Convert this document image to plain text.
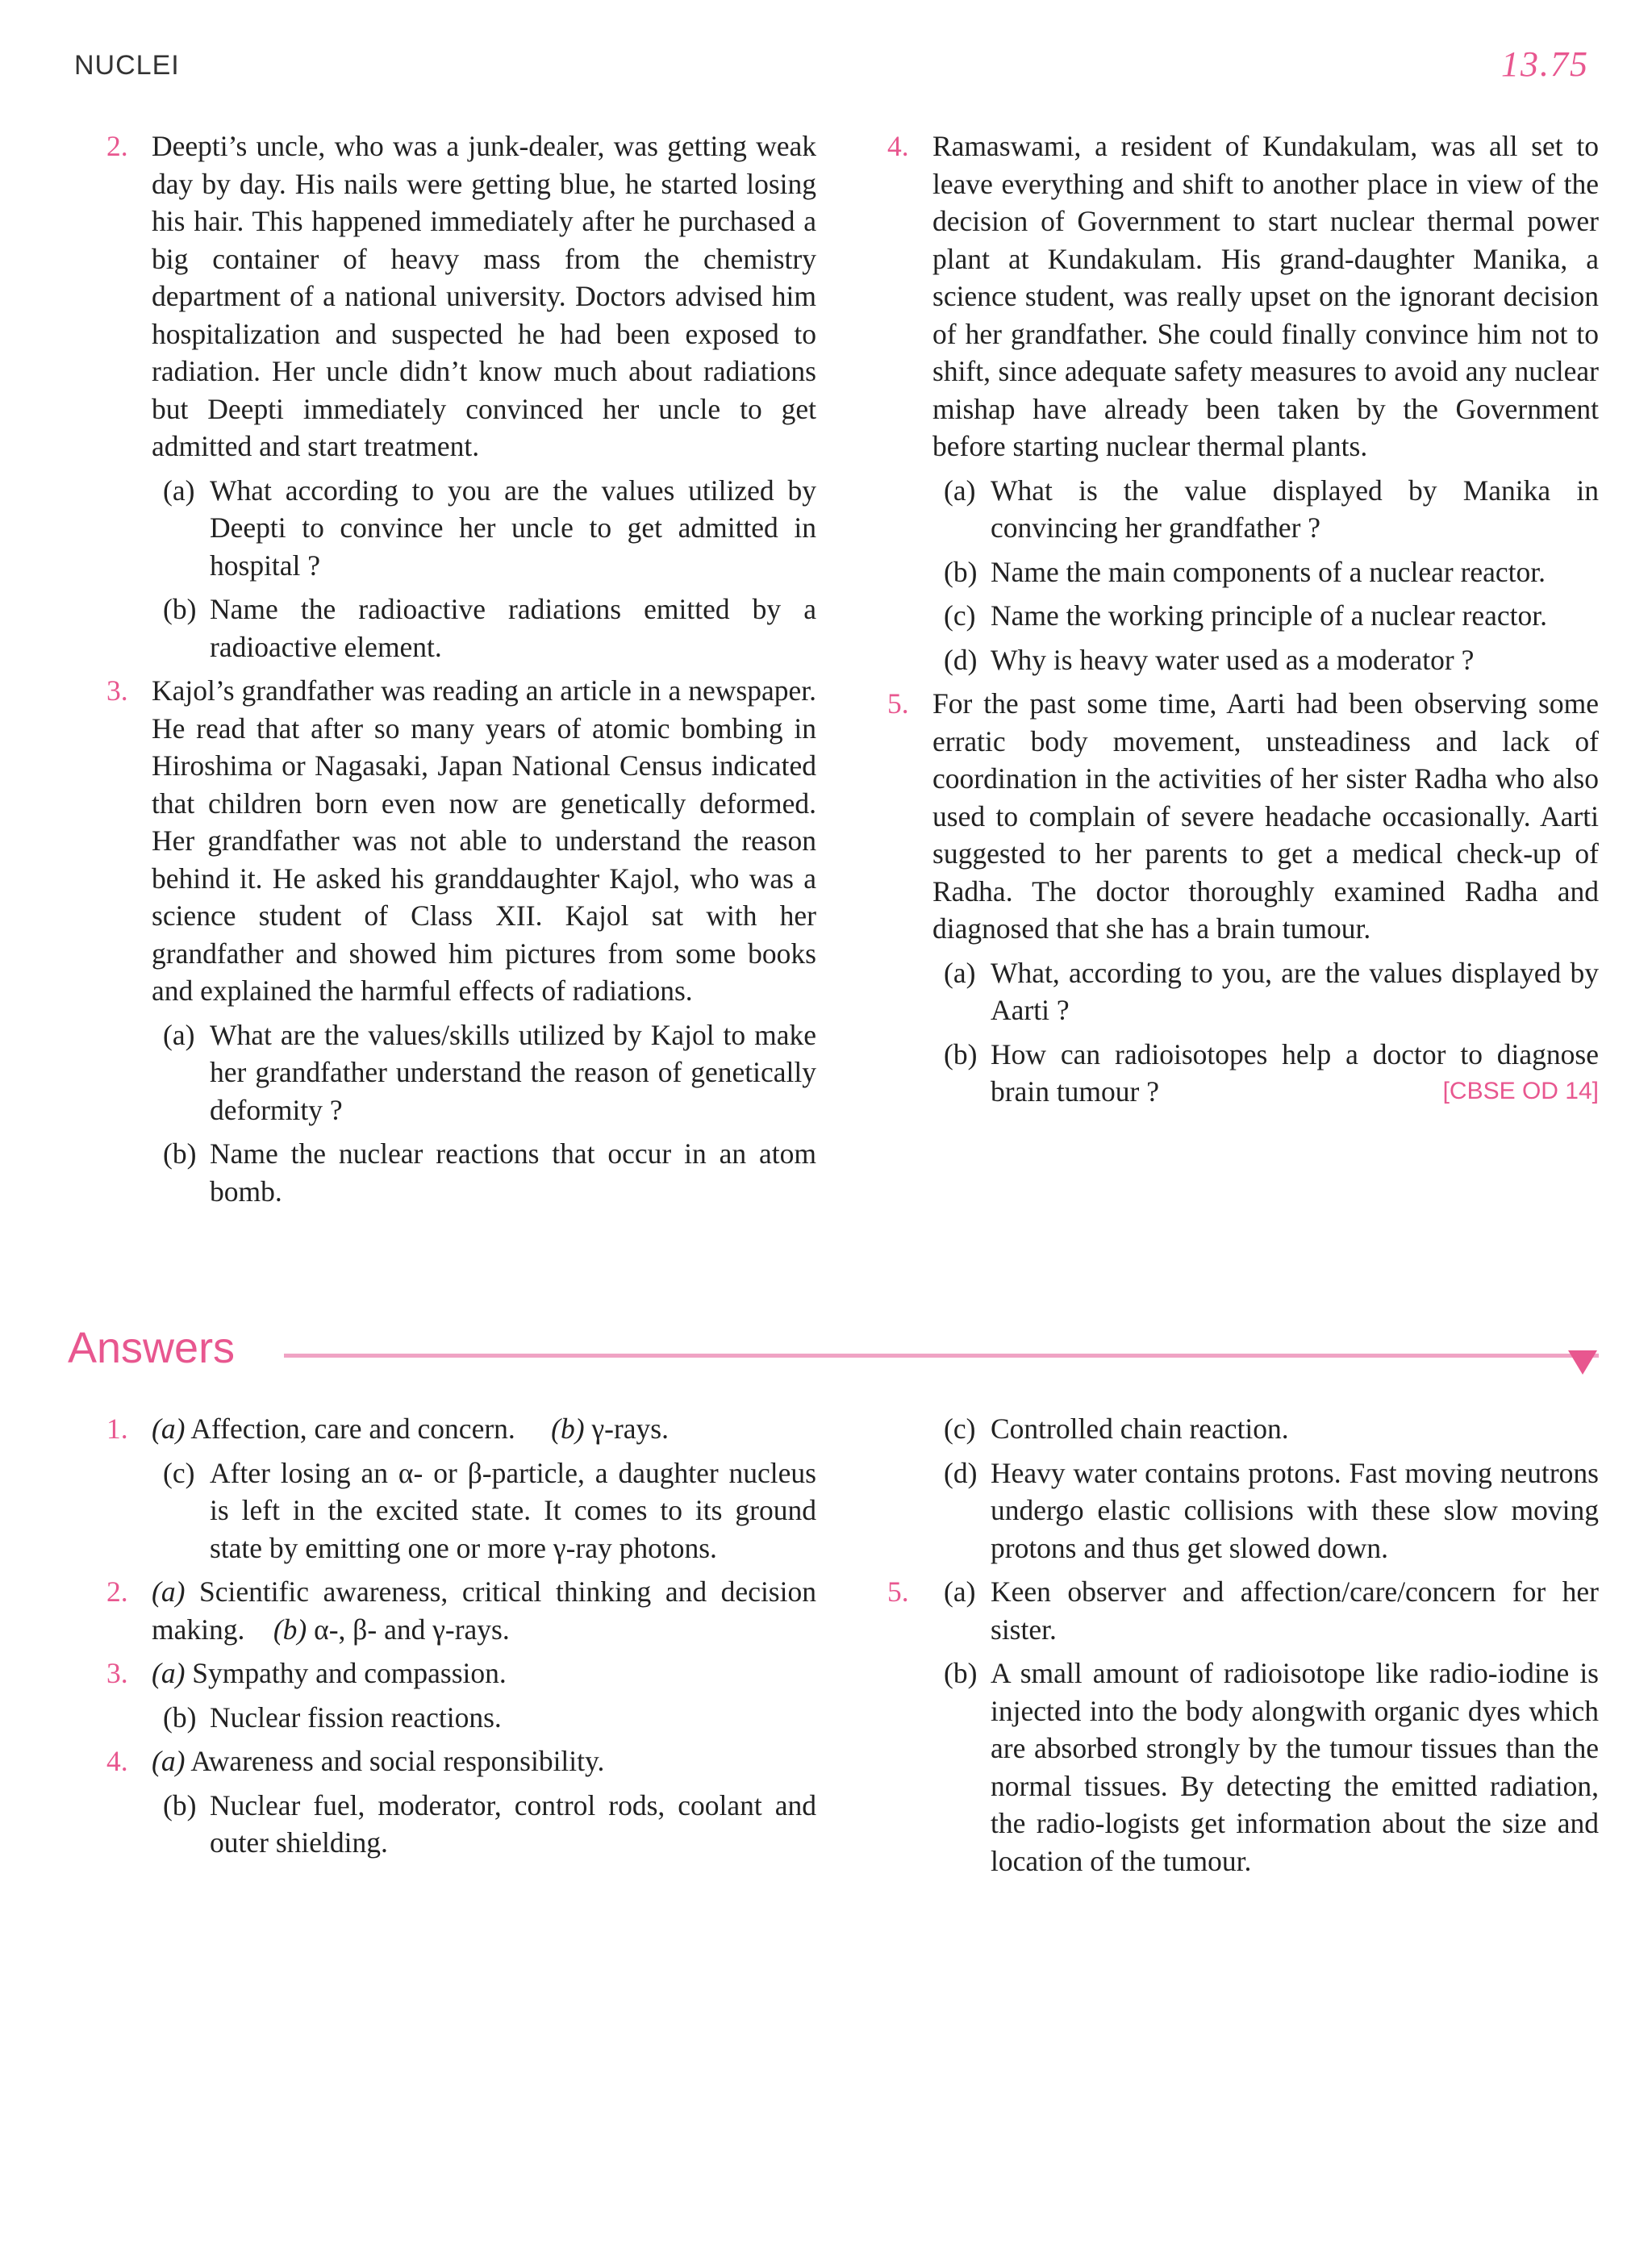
NUCLEI	13.75
2. Deepti’s uncle, who was a junk-dealer, was getting weak day by day. His nails were getting blue, he started losing his hair. This happened immediately after he purchased a big container of heavy mass from the chemistry department of a national university. Doctors advised him hospitalization and suspected he had been exposed to radiation. Her uncle didn’t know much about radiations but Deepti immediately convinced her uncle to get admitted and start treatment.
(a) What according to you are the values utilized by Deepti to convince her uncle to get admitted in hospital ?
(b) Name the radioactive radiations emitted by a radioactive element.
3. Kajol’s grandfather was reading an article in a newspaper. He read that after so many years of atomic bombing in Hiroshima or Nagasaki, Japan National Census indicated that children born even now are genetically deformed. Her grandfather was not able to understand the reason behind it. He asked his granddaughter Kajol, who was a science student of Class XII. Kajol sat with her grandfather and showed him pictures from some books and explained the harmful effects of radiations.
(a) What are the values/skills utilized by Kajol to make her grandfather understand the reason of genetically deformity ?
(b) Name the nuclear reactions that occur in an atom bomb.
4. Ramaswami, a resident of Kundakulam, was all set to leave everything and shift to another place in view of the decision of Government to start nuclear thermal power plant at Kundakulam. His grand-daughter Manika, a science student, was really upset on the ignorant decision of her grandfather. She could finally convince him not to shift, since adequate safety measures to avoid any nuclear mishap have already been taken by the Government before starting nuclear thermal plants.
(a) What is the value displayed by Manika in convincing her grandfather ?
(b) Name the main components of a nuclear reactor.
(c) Name the working principle of a nuclear reactor.
(d) Why is heavy water used as a moderator ?
5. For the past some time, Aarti had been observing some erratic body movement, unsteadiness and lack of coordination in the activities of her sister Radha who also used to complain of severe headache occasionally. Aarti suggested to her parents to get a medical check-up of Radha. The doctor thoroughly examined Radha and diagnosed that she has a brain tumour.
(a) What, according to you, are the values displayed by Aarti ?
(b) How can radioisotopes help a doctor to diagnose brain tumour ?	[CBSE OD 14]
Answers
1. (a) Affection, care and concern. (b) γ-rays.
(c) After losing an α- or β-particle, a daughter nucleus is left in the excited state. It comes to its ground state by emitting one or more γ-ray photons.
2. (a) Scientific awareness, critical thinking and decision making. (b) α-, β- and γ-rays.
3. (a) Sympathy and compassion.
(b) Nuclear fission reactions.
4. (a) Awareness and social responsibility.
(b) Nuclear fuel, moderator, control rods, coolant and outer shielding.
(c) Controlled chain reaction.
(d) Heavy water contains protons. Fast moving neutrons undergo elastic collisions with these slow moving protons and thus get slowed down.
5. (a) Keen observer and affection/care/concern for her sister.
(b) A small amount of radioisotope like radio-iodine is injected into the body alongwith organic dyes which are absorbed strongly by the tumour tissues than the normal tissues. By detecting the emitted radiation, the radio-logists get information about the size and location of the tumour.
